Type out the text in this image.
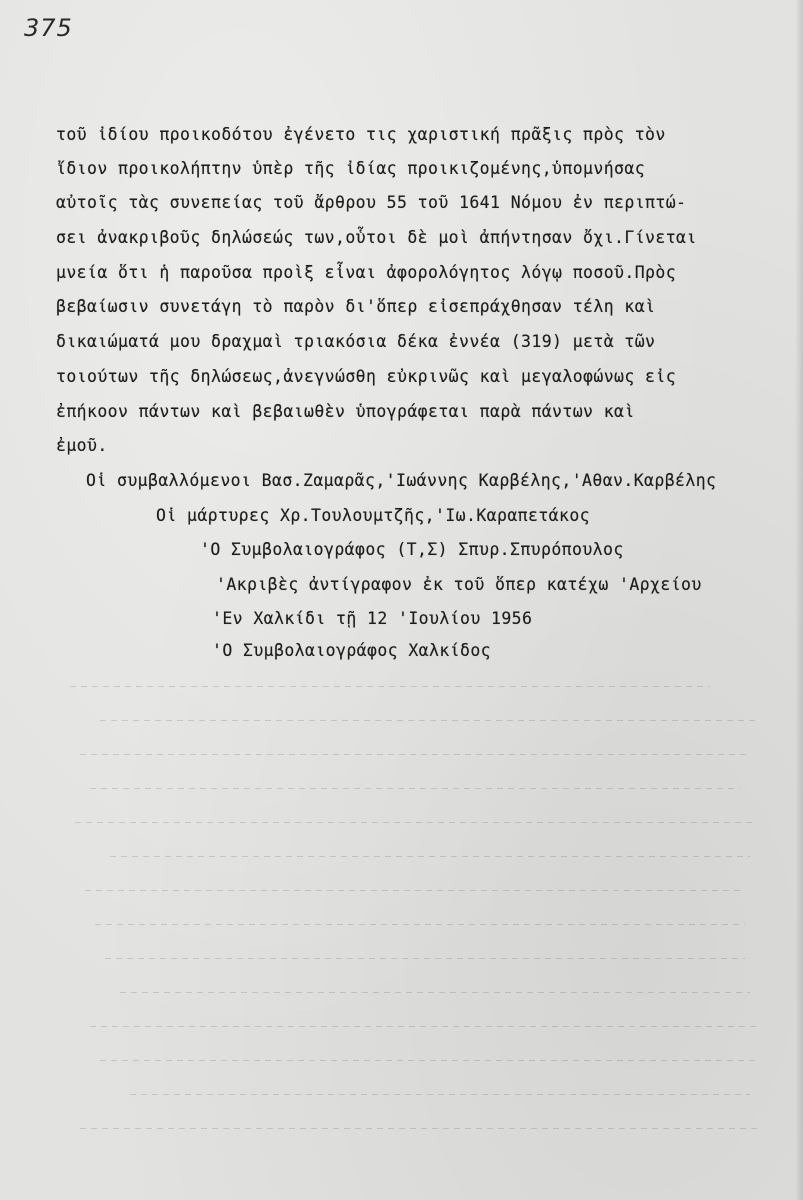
375
τοῦ ἰδίου προικοδότου ἐγένετο τις χαριστική πρᾶξις πρὸς τὸν
ἴδιον προικολήπτην ὑπὲρ τῆς ἰδίας προικιζομένης,ὑπομνήσας
αὐτοῖς τὰς συνεπείας τοῦ ἄρθρου 55 τοῦ 1641 Νόμου ἐν περιπτώ-
σει ἀνακριβοῦς δηλώσεώς των,οὗτοι δὲ μοὶ ἀπήντησαν ὄχι.Γίνεται
μνεία ὅτι ἡ παροῦσα προὶξ εἶναι ἀφορολόγητος λόγῳ ποσοῦ.Πρὸς
βεβαίωσιν συνετάγη τὸ παρὸν δι'ὅπερ εἰσεπράχθησαν τέλη καὶ
δικαιώματά μου δραχμαὶ τριακόσια δέκα ἐννέα (319) μετὰ τῶν
τοιούτων τῆς δηλώσεως,ἀνεγνώσθη εὐκρινῶς καὶ μεγαλοφώνως εἰς
ἐπήκοον πάντων καὶ βεβαιωθὲν ὑπογράφεται παρὰ πάντων καὶ
ἐμοῦ.
Οἱ συμβαλλόμενοι Βασ.Ζαμαρᾶς,'Ιωάννης Καρβέλης,'Αθαν.Καρβέλης
Οἱ μάρτυρες Χρ.Τουλουμτζῆς,'Ιω.Καραπετάκος
'Ο Συμβολαιογράφος (Τ,Σ) Σπυρ.Σπυρόπουλος
'Ακριβὲς ἀντίγραφον ἐκ τοῦ ὅπερ κατέχω 'Αρχείου
'Εν Χαλκίδι τῇ 12 'Ιουλίου 1956
'Ο Συμβολαιογράφος Χαλκίδος
